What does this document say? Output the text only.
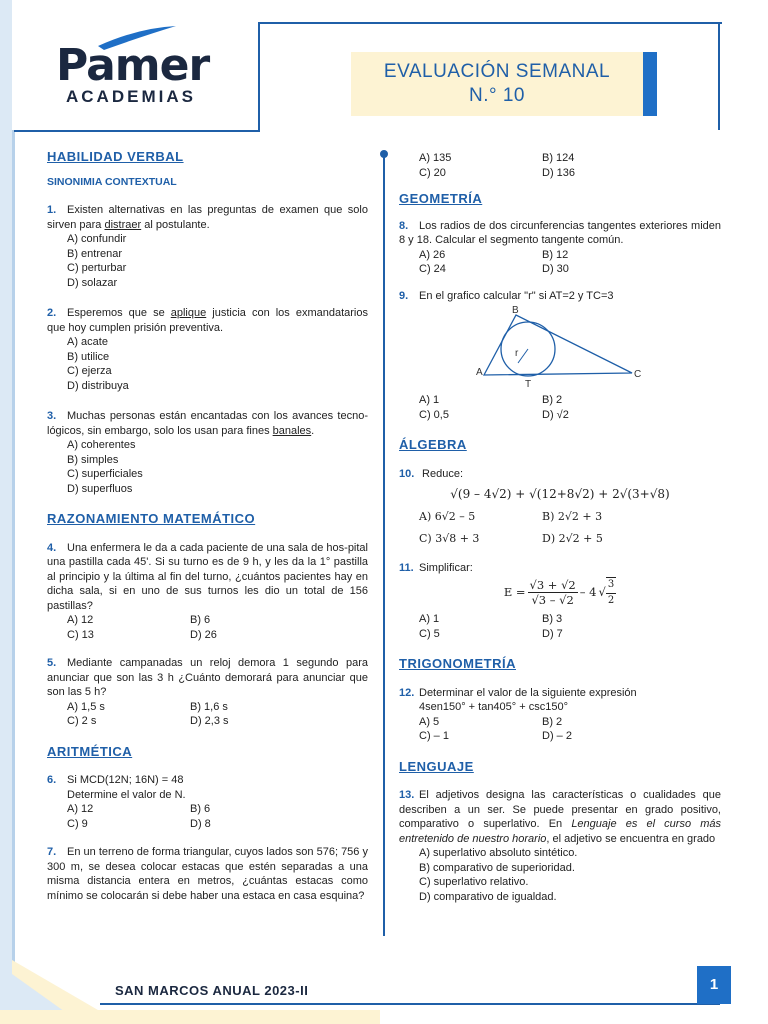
Pamer
ACADEMIAS
EVALUACIÓN SEMANAL
N.° 10
HABILIDAD VERBAL
SINONIMIA CONTEXTUAL
1. Existen alternativas en las preguntas de examen que solo sirven para distraer al postulante.
A) confundir
B) entrenar
C) perturbar
D) solazar
2. Esperemos que se aplique justicia con los exmandatarios que hoy cumplen prisión preventiva.
A) acate
B) utilice
C) ejerza
D) distribuya
3. Muchas personas están encantadas con los avances tecno-lógicos, sin embargo, solo los usan para fines banales.
A) coherentes
B) simples
C) superficiales
D) superfluos
RAZONAMIENTO MATEMÁTICO
4. Una enfermera le da a cada paciente de una sala de hos-pital una pastilla cada 45'. Si su turno es de 9 h, y les da la 1° pastilla al principio y la última al fin del turno, ¿cuántos pacientes hay en dicha sala, si en uno de sus turnos les dio un total de 156 pastillas?
A) 12	B) 6
C) 13	D) 26
5. Mediante campanadas un reloj demora 1 segundo para anunciar que son las 3 h ¿Cuánto demorará para anunciar que son las 5 h?
A) 1,5 s	B) 1,6 s
C) 2 s	D) 2,3 s
ARITMÉTICA
6. Si MCD(12N; 16N) = 48
Determine el valor de N.
A) 12	B) 6
C) 9	D) 8
7. En un terreno de forma triangular, cuyos lados son 576; 756 y 300 m, se desea colocar estacas que estén separadas a una misma distancia entera en metros, ¿cuántas estacas como mínimo se colocarán si debe haber una estaca en casa esquina?
A) 135	B) 124
C) 20	D) 136
GEOMETRÍA
8. Los radios de dos circunferencias tangentes exteriores miden 8 y 18. Calcular el segmento tangente común.
A) 26	B) 12
C) 24	D) 30
9. En el grafico calcular "r" si AT=2 y TC=3
A
B
C
T
r
A) 1	B) 2
C) 0,5	D) √2
ÁLGEBRA
10. Reduce:
√(9 – 4√2) + √(12+8√2) + 2√(3+√8)
A) 6√2 – 5	B) 2√2 + 3
C) 3√8 + 3	D) 2√2 + 5
11. Simplificar:
$E = \frac{√3 + √2}{√3 - √2} - 4$ √ $\frac{3}{2}$
A) 1	B) 3
C) 5	D) 7
TRIGONOMETRÍA
12. Determinar el valor de la siguiente expresión
4sen150° + tan405° + csc150°
A) 5	B) 2
C) – 1	D) – 2
LENGUAJE
13. El adjetivos designa las características o cualidades que describen a un ser. Se puede presentar en grado positivo, comparativo o superlativo. En Lenguaje es el curso más entretenido de nuestro horario, el adjetivo se encuentra en grado
A) superlativo absoluto sintético.
B) comparativo de superioridad.
C) superlativo relativo.
D) comparativo de igualdad.
SAN MARCOS ANUAL 2023-II	1
